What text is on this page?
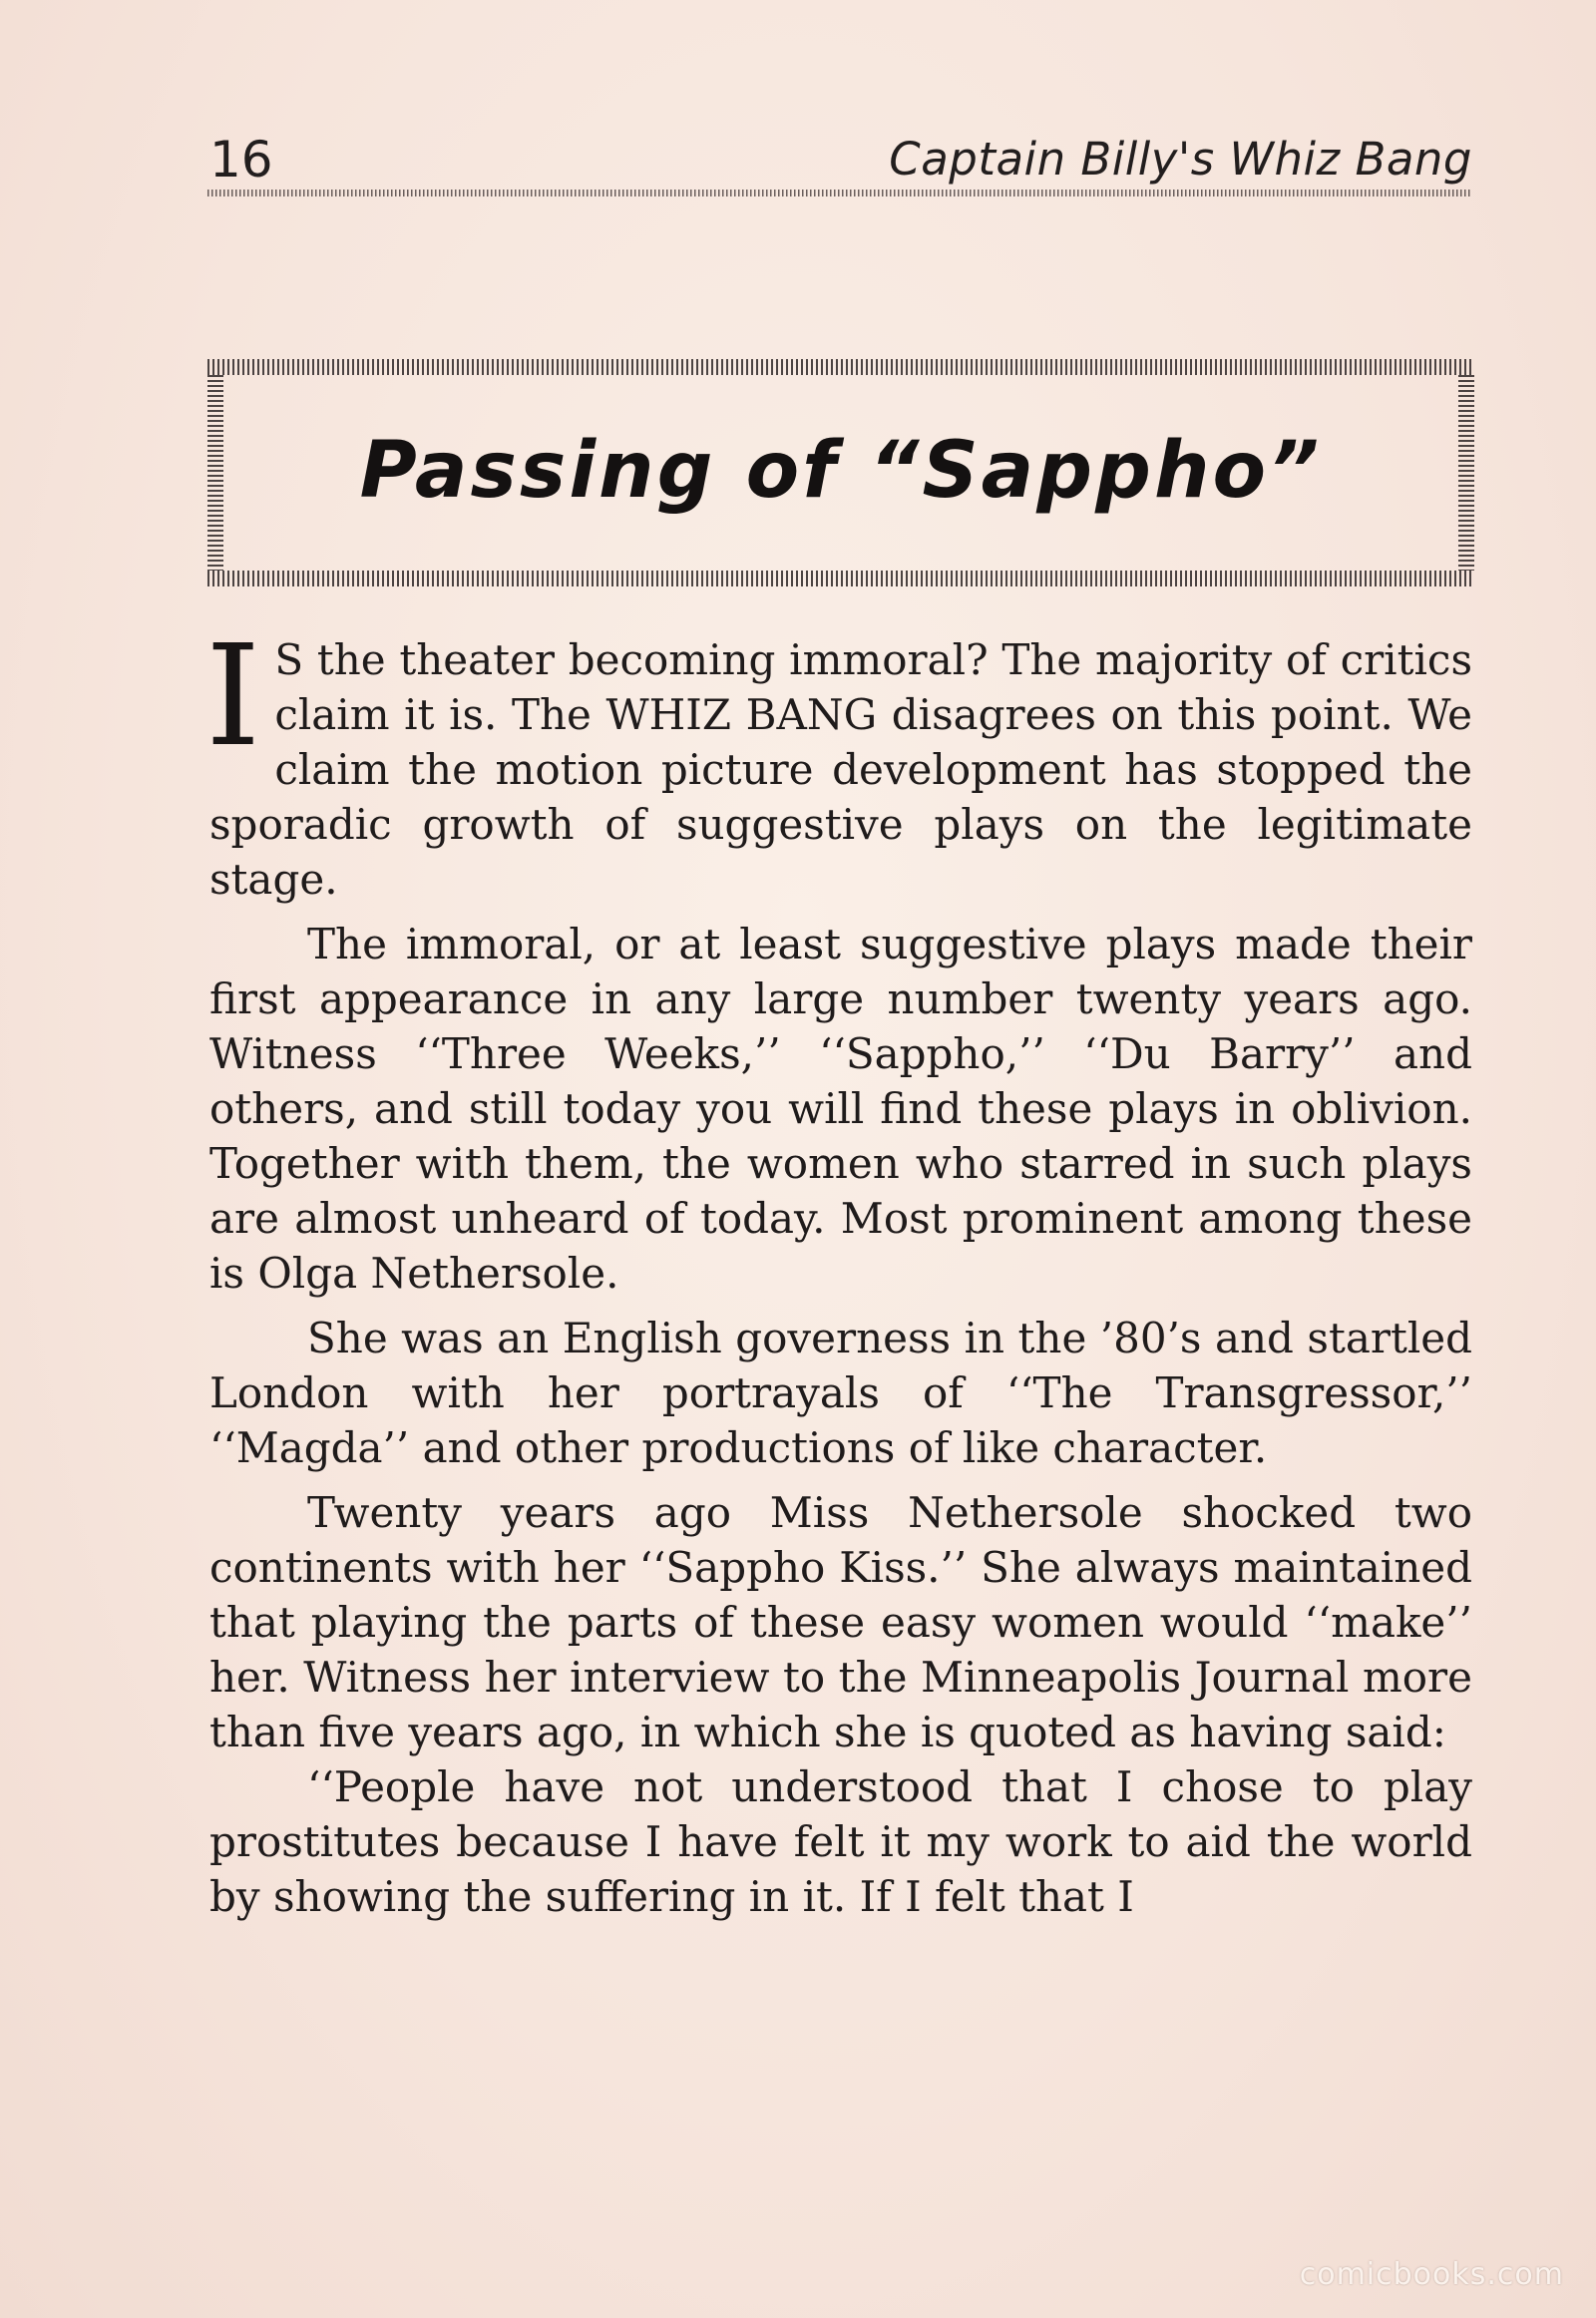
16	Captain Billy's Whiz Bang
Passing of “Sappho”

I S the theater becoming immoral? The majority of critics claim it is. The WHIZ BANG disagrees on this point. We claim the motion picture development has stopped the sporadic growth of suggestive plays on the legitimate stage.

The immoral, or at least suggestive plays made their first appearance in any large number twenty years ago. Witness ‘‘Three Weeks,’’ ‘‘Sappho,’’ ‘‘Du Barry’’ and others, and still today you will find these plays in oblivion. Together with them, the women who starred in such plays are almost unheard of today. Most prominent among these is Olga Nethersole.

She was an English governess in the ’80’s and startled London with her portrayals of ‘‘The Transgressor,’’ ‘‘Magda’’ and other productions of like character.

Twenty years ago Miss Nethersole shocked two continents with her ‘‘Sappho Kiss.’’ She always maintained that playing the parts of these easy women would ‘‘make’’ her. Witness her interview to the Minneapolis Journal more than five years ago, in which she is quoted as having said:

‘‘People have not understood that I chose to play prostitutes because I have felt it my work to aid the world by showing the suffering in it. If I felt that I

comicbooks.com
